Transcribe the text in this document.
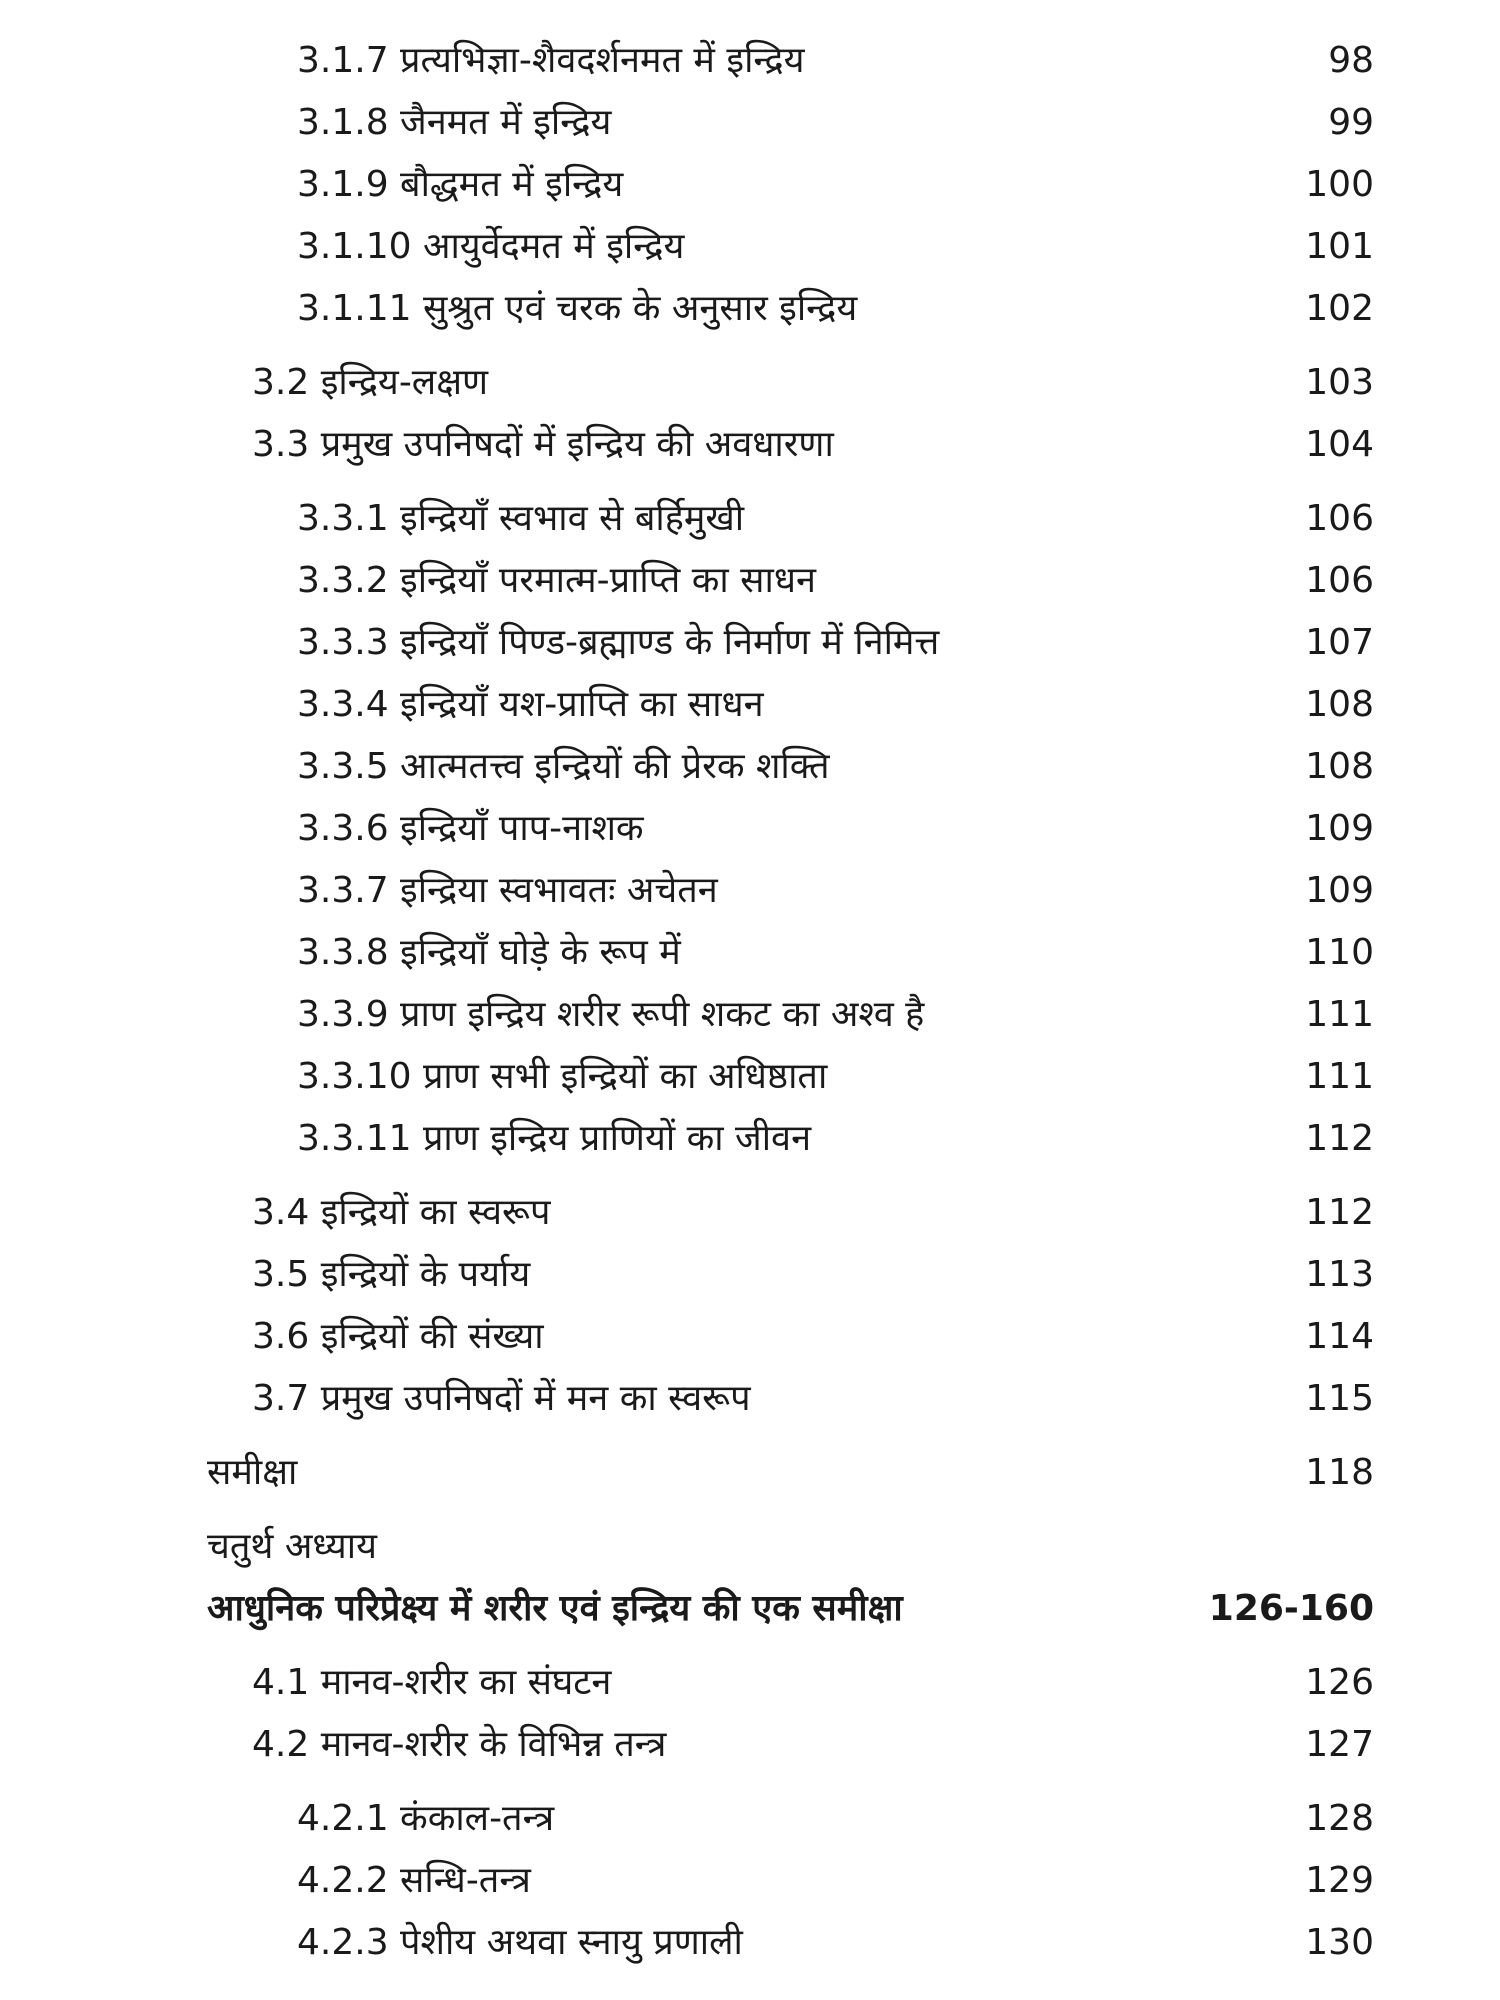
3.1.7 प्रत्यभिज्ञा-शैवदर्शनमत में इन्द्रिय	98
3.1.8 जैनमत में इन्द्रिय	99
3.1.9 बौद्धमत में इन्द्रिय	100
3.1.10 आयुर्वेदमत में इन्द्रिय	101
3.1.11 सुश्रुत एवं चरक के अनुसार इन्द्रिय	102
3.2 इन्द्रिय-लक्षण	103
3.3 प्रमुख उपनिषदों में इन्द्रिय की अवधारणा	104
3.3.1 इन्द्रियाँ स्वभाव से बर्हिमुखी	106
3.3.2 इन्द्रियाँ परमात्म-प्राप्ति का साधन	106
3.3.3 इन्द्रियाँ पिण्ड-ब्रह्माण्ड के निर्माण में निमित्त	107
3.3.4 इन्द्रियाँ यश-प्राप्ति का साधन	108
3.3.5 आत्मतत्त्व इन्द्रियों की प्रेरक शक्ति	108
3.3.6 इन्द्रियाँ पाप-नाशक	109
3.3.7 इन्द्रिया स्वभावतः अचेतन	109
3.3.8 इन्द्रियाँ घोड़े के रूप में	110
3.3.9 प्राण इन्द्रिय शरीर रूपी शकट का अश्व है	111
3.3.10 प्राण सभी इन्द्रियों का अधिष्ठाता	111
3.3.11 प्राण इन्द्रिय प्राणियों का जीवन	112
3.4 इन्द्रियों का स्वरूप	112
3.5 इन्द्रियों के पर्याय	113
3.6 इन्द्रियों की संख्या	114
3.7 प्रमुख उपनिषदों में मन का स्वरूप	115
समीक्षा	118
चतुर्थ अध्याय
आधुनिक परिप्रेक्ष्य में शरीर एवं इन्द्रिय की एक समीक्षा	126-160
4.1 मानव-शरीर का संघटन	126
4.2 मानव-शरीर के विभिन्न तन्त्र	127
4.2.1 कंकाल-तन्त्र	128
4.2.2 सन्धि-तन्त्र	129
4.2.3 पेशीय अथवा स्नायु प्रणाली	130
